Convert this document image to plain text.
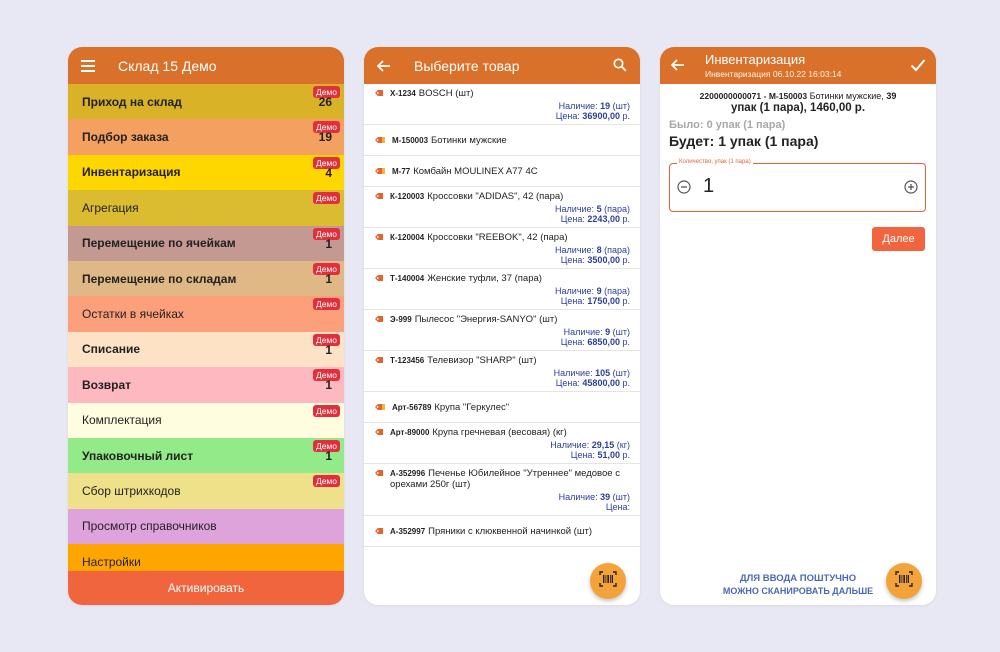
Склад 15 Демо
Приход на склад
Демо
26
Подбор заказа
Демо
19
Инвентаризация
Демо
4
Агрегация
Демо
Перемещение по ячейкам
Демо
1
Перемещение по складам
Демо
1
Остатки в ячейках
Демо
Списание
Демо
1
Возврат
Демо
1
Комплектация
Демо
Упаковочный лист
Демо
1
Сбор штрихкодов
Демо
Просмотр справочников
Настройки
Активировать
Выберите товар
X-1234 BOSCH (шт)
Наличие: 19 (шт)
Цена: 36900,00 р.
М-150003 Ботинки мужские
М-77 Комбайн MOULINEX A77 4C
К-120003 Кроссовки "ADIDAS", 42 (пара)
Наличие: 5 (пара)
Цена: 2243,00 р.
К-120004 Кроссовки "REEBOK", 42 (пара)
Наличие: 8 (пара)
Цена: 3500,00 р.
Т-140004 Женские туфли, 37 (пара)
Наличие: 9 (пара)
Цена: 1750,00 р.
Э-999 Пылесос "Энергия-SANYO" (шт)
Наличие: 9 (шт)
Цена: 6850,00 р.
Т-123456 Телевизор "SHARP" (шт)
Наличие: 105 (шт)
Цена: 45800,00 р.
Арт-56789 Крупа "Геркулес"
Арт-89000 Крупа гречневая (весовая) (кг)
Наличие: 29,15 (кг)
Цена: 51,00 р.
А-352996 Печенье Юбилейное "Утреннее" медовое с орехами 250г (шт)
Наличие: 39 (шт)
Цена:
А-352997 Пряники с клюквенной начинкой (шт)
Инвентаризация
Инвентаризация 06.10.22 16:03:14
2200000000071 - М-150003 Ботинки мужские, 39
упак (1 пара), 1460,00 р.
Было: 0 упак (1 пара)
Будет: 1 упак (1 пара)
Количество, упак (1 пара)
1
Далее
ДЛЯ ВВОДА ПОШТУЧНО
МОЖНО СКАНИРОВАТЬ ДАЛЬШЕ
